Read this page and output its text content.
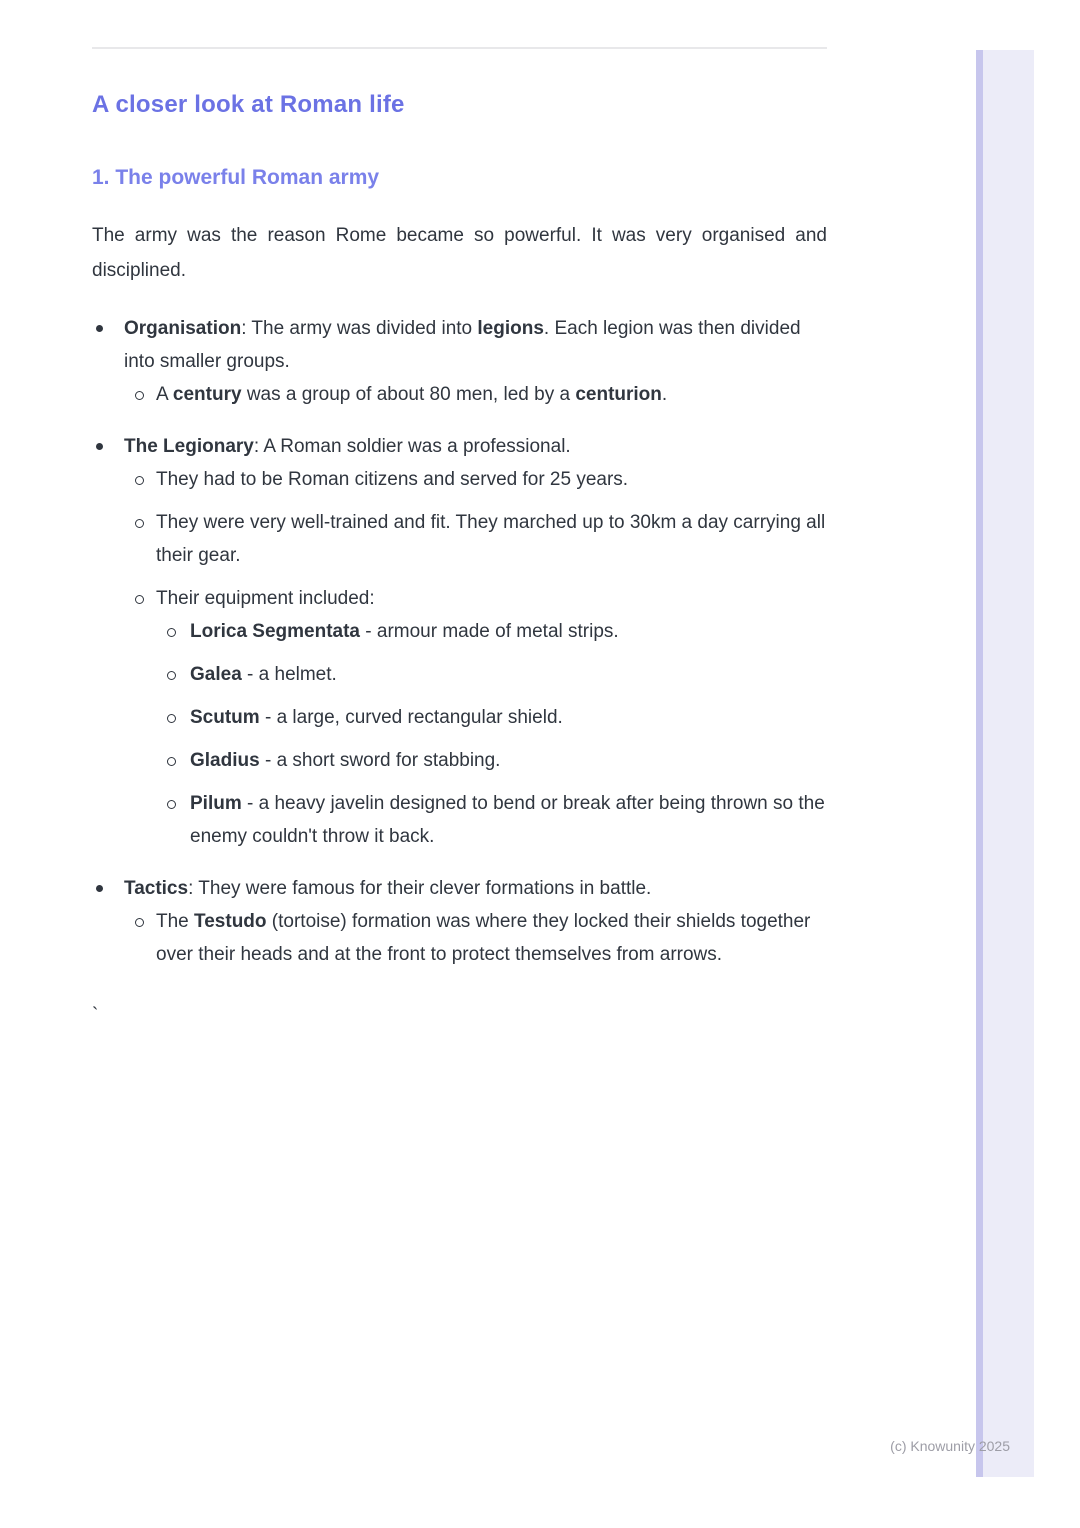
A closer look at Roman life
1. The powerful Roman army

The army was the reason Rome became so powerful. It was very organised and disciplined.

Organisation: The army was divided into legions. Each legion was then divided into smaller groups.
A century was a group of about 80 men, led by a centurion.
The Legionary: A Roman soldier was a professional.
They had to be Roman citizens and served for 25 years.
They were very well-trained and fit. They marched up to 30km a day carrying all their gear.
Their equipment included:
Lorica Segmentata - armour made of metal strips.
Galea - a helmet.
Scutum - a large, curved rectangular shield.
Gladius - a short sword for stabbing.
Pilum - a heavy javelin designed to bend or break after being thrown so the enemy couldn't throw it back.
Tactics: They were famous for their clever formations in battle.
The Testudo (tortoise) formation was where they locked their shields together over their heads and at the front to protect themselves from arrows.

`

(c) Knowunity 2025
